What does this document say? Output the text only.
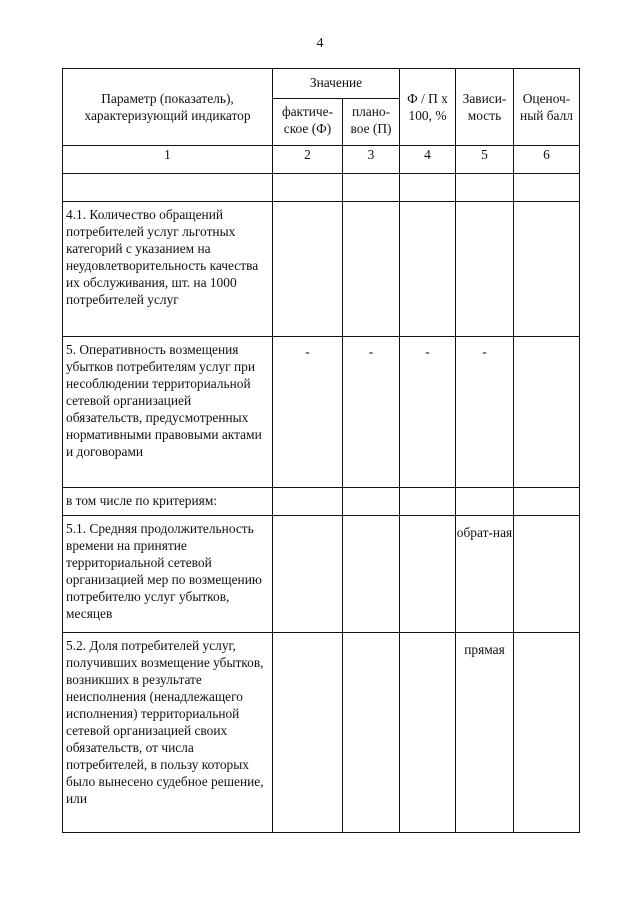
4
Параметр (показатель), характеризующий индикатор	Значение		Ф / П х 100, %	Зависи-мость	Оценоч-ный балл
	фактиче-ское (Ф)	плано-вое (П)			
1	2	3	4	5	6

4.1. Количество обращений потребителей услуг льготных категорий с указанием на неудовлетворительность качества их обслуживания, шт. на 1000 потребителей услуг					
5. Оперативность возмещения убытков потребителям услуг при несоблюдении территориальной сетевой организацией обязательств, предусмотренных нормативными правовыми актами и договорами	-	-	-	-	
в том числе по критериям:					
5.1. Средняя продолжительность времени на принятие территориальной сетевой организацией мер по возмещению потребителю услуг убытков, месяцев				обрат-ная	
5.2. Доля потребителей услуг, получивших возмещение убытков, возникших в результате неисполнения (ненадлежащего исполнения) территориальной сетевой организацией своих обязательств, от числа потребителей, в пользу которых было вынесено судебное решение, или				прямая	
